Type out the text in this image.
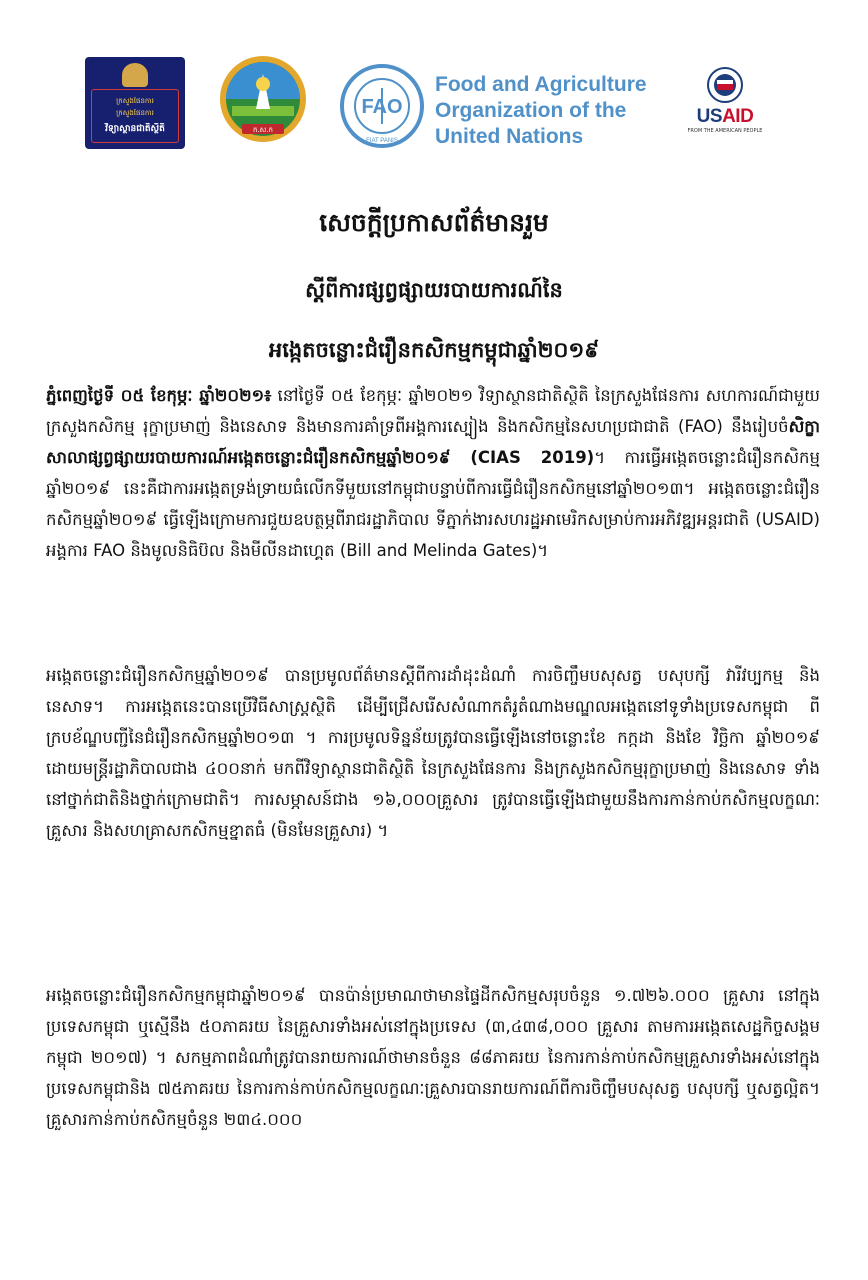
ក្រសួងផែនការ
ក្រសួងផែនការ
វិទ្យាស្ថានជាតិស្ថិតិ	ក.ស.ក
FAO
FIAT PANIS
Food and Agriculture
Organization of the
United Nations
USAID
FROM THE AMERICAN PEOPLE
សេចក្តីប្រកាសព័ត៌មានរួម
ស្តីពីការផ្សព្វផ្សាយរបាយការណ៍នៃ
អង្កេតចន្លោះជំរឿនកសិកម្មកម្ពុជាឆ្នាំ២០១៩
ភ្នំពេញថ្ងៃទី ០៥ ខែកុម្ភៈ ឆ្នាំ២០២១៖ នៅថ្ងៃទី ០៥ ខែកុម្ភៈ ឆ្នាំ២០២១ វិទ្យាស្ថានជាតិស្ថិតិ នៃក្រសួងផែនការ សហការណ៍ជាមួយក្រសួងកសិកម្ម រុក្ខាប្រមាញ់ និងនេសាទ និងមានការគាំទ្រពីអង្គការស្បៀង និងកសិកម្មនៃសហប្រជាជាតិ (FAO) នឹងរៀបចំសិក្ខាសាលាផ្សព្វផ្សាយរបាយការណ៍អង្កេតចន្លោះជំរឿនកសិកម្មឆ្នាំ២០១៩ (CIAS 2019)។ ការធ្វើអង្កេតចន្លោះជំរឿនកសិកម្មឆ្នាំ២០១៩ នេះគឺជាការអង្កេតទ្រង់ទ្រាយធំលើកទីមួយនៅកម្ពុជាបន្ទាប់ពីការធ្វើជំរឿនកសិកម្មនៅឆ្នាំ២០១៣។ អង្កេតចន្លោះជំរឿនកសិកម្មឆ្នាំ២០១៩ ធ្វើឡើងក្រោមការជួយឧបត្ថម្ភពីរាជរដ្ឋាភិបាល ទីភ្នាក់ងារសហរដ្ឋអាមេរិកសម្រាប់ការអភិវឌ្ឍអន្តរជាតិ (USAID) អង្គការ FAO និងមូលនិធិប៊ល និងមីលីនដាហ្គេត (Bill and Melinda Gates)។
អង្កេតចន្លោះជំរឿនកសិកម្មឆ្នាំ២០១៩ បានប្រមូលព័ត៌មានស្តីពីការដាំដុះដំណាំ ការចិញ្ចឹមបសុសត្វ បសុបក្សី វារីវប្បកម្ម និងនេសាទ។ ការអង្កេតនេះបានប្រើវិធីសាស្រ្តស្ថិតិ ដើម្បីជ្រើសរើសសំណាកតំរូតំណាងមណ្ឌលអង្កេតនៅទូទាំងប្រទេសកម្ពុជា ពីក្របខ័ណ្ឌបញ្ជីនៃជំរឿនកសិកម្មឆ្នាំ២០១៣ ។ ការប្រមូលទិន្នន័យត្រូវបានធ្វើឡើងនៅចន្លោះខែ កក្កដា និងខែ វិច្ឆិកា ឆ្នាំ២០១៩ ដោយមន្រ្តីរដ្ឋាភិបាលជាង ៤០០នាក់ មកពីវិទ្យាស្ថានជាតិស្ថិតិ នៃក្រសួងផែនការ និងក្រសួងកសិកម្មរុក្ខាប្រមាញ់ និងនេសាទ ទាំងនៅថ្នាក់ជាតិនិងថ្នាក់ក្រោមជាតិ។ ការសម្ភាសន៍ជាង ១៦,០០០គ្រួសារ ត្រូវបានធ្វើឡើងជាមួយនឹងការកាន់កាប់កសិកម្មលក្ខណៈគ្រួសារ និងសហគ្រាសកសិកម្មខ្នាតធំ (មិនមែនគ្រួសារ) ។
អង្កេតចន្លោះជំរឿនកសិកម្មកម្ពុជាឆ្នាំ២០១៩ បានប៉ាន់ប្រមាណថាមានផ្ទៃដីកសិកម្មសរុបចំនួន ១.៧២៦.០០០ គ្រួសារ នៅក្នុងប្រទេសកម្ពុជា ឬស្មើនឹង ៥០ភាគរយ នៃគ្រួសារទាំងអស់នៅក្នុងប្រទេស (៣,៤៣៨,០០០ គ្រួសារ តាមការអង្កេតសេដ្ឋកិច្ចសង្គមកម្ពុជា ២០១៧) ។ សកម្មភាពដំណាំត្រូវបានរាយការណ៍ថាមានចំនួន ៨៨ភាគរយ នៃការកាន់កាប់កសិកម្មគ្រួសារទាំងអស់នៅក្នុងប្រទេសកម្ពុជានិង ៧៥ភាគរយ នៃការកាន់កាប់កសិកម្មលក្ខណៈគ្រួសារបានរាយការណ៍ពីការចិញ្ចឹមបសុសត្វ បសុបក្សី ឬសត្វល្អិត។ គ្រួសារកាន់កាប់កសិកម្មចំនួន ២៣៤.០០០
